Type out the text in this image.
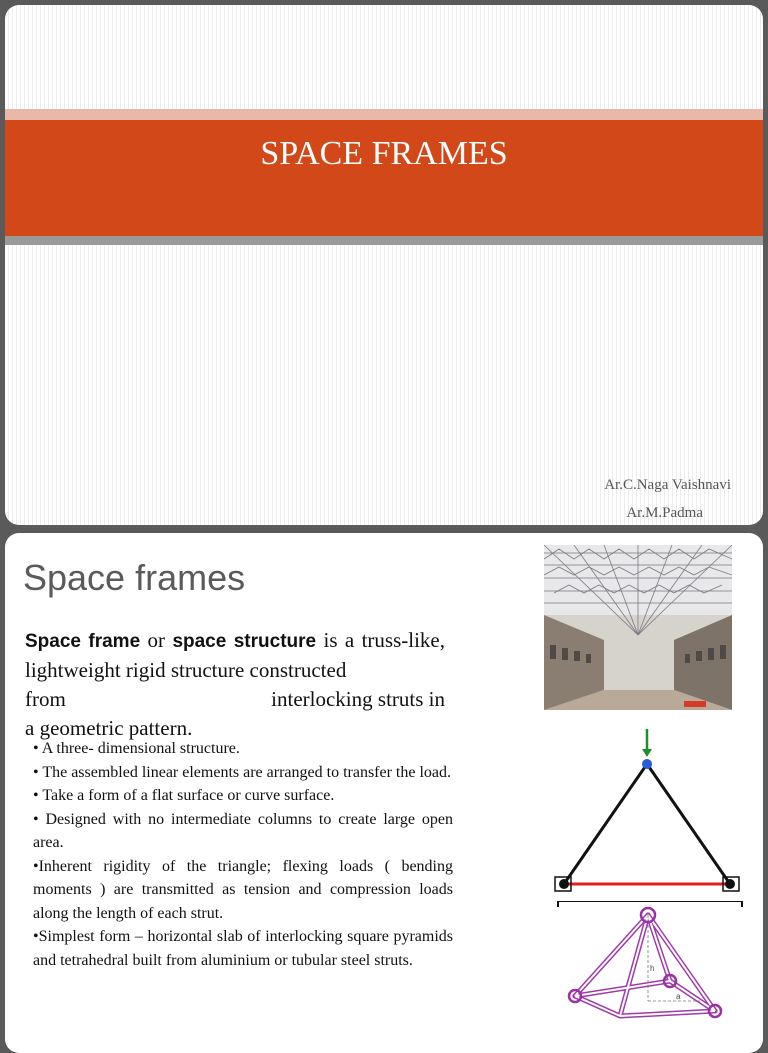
SPACE FRAMES
Ar.C.Naga Vaishnavi
Ar.M.Padma
Space frames
Space frame or space structure is a truss-like, lightweight rigid structure constructed
from	interlocking struts in
a geometric pattern.

• A three- dimensional structure.

• The assembled linear elements are arranged to transfer the load.

• Take a form of a flat surface or curve surface.

• Designed with no intermediate columns to create large open area.

•Inherent rigidity of the triangle; flexing loads ( bending moments ) are transmitted as tension and compression loads along the length of each strut.

•Simplest form – horizontal slab of interlocking square pyramids and tetrahedral built from aluminium or tubular steel struts.	h
a
